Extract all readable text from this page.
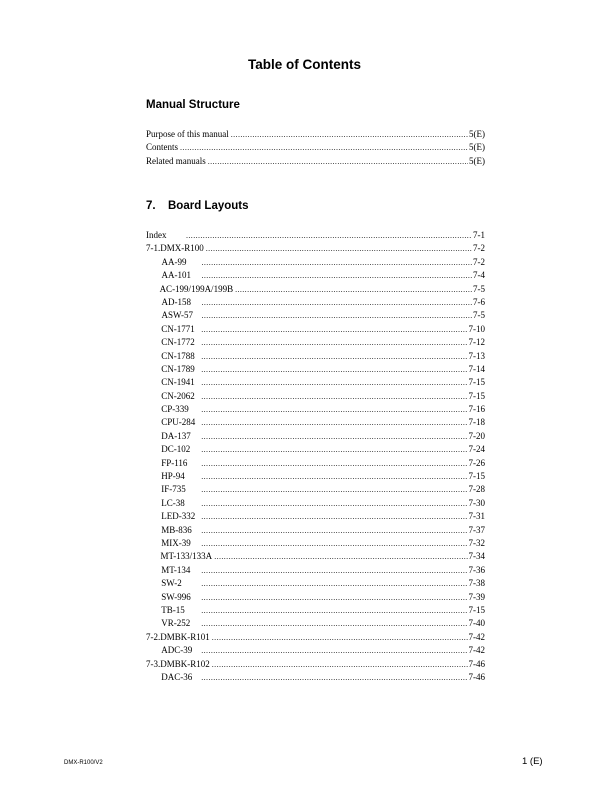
Table of Contents
Manual Structure
Purpose of this manual .....	5(E)
Contents .....	5(E)
Related manuals .....	5(E)
7. Board Layouts
Index .....	7-1
7-1. DMX-R100 .....	7-2
AA-99 .....	7-2
AA-101 .....	7-4
AC-199/199A/199B .....	7-5
AD-158 .....	7-6
ASW-57 .....	7-5
CN-1771 .....	7-10
CN-1772 .....	7-12
CN-1788 .....	7-13
CN-1789 .....	7-14
CN-1941 .....	7-15
CN-2062 .....	7-15
CP-339 .....	7-16
CPU-284 .....	7-18
DA-137 .....	7-20
DC-102 .....	7-24
FP-116 .....	7-26
HP-94 .....	7-15
IF-735 .....	7-28
LC-38 .....	7-30
LED-332 .....	7-31
MB-836 .....	7-37
MIX-39 .....	7-32
MT-133/133A .....	7-34
MT-134 .....	7-36
SW-2 .....	7-38
SW-996 .....	7-39
TB-15 .....	7-15
VR-252 .....	7-40
7-2. DMBK-R101 .....	7-42
ADC-39 .....	7-42
7-3. DMBK-R102 .....	7-46
DAC-36 .....	7-46
DMX-R100/V2	1 (E)
